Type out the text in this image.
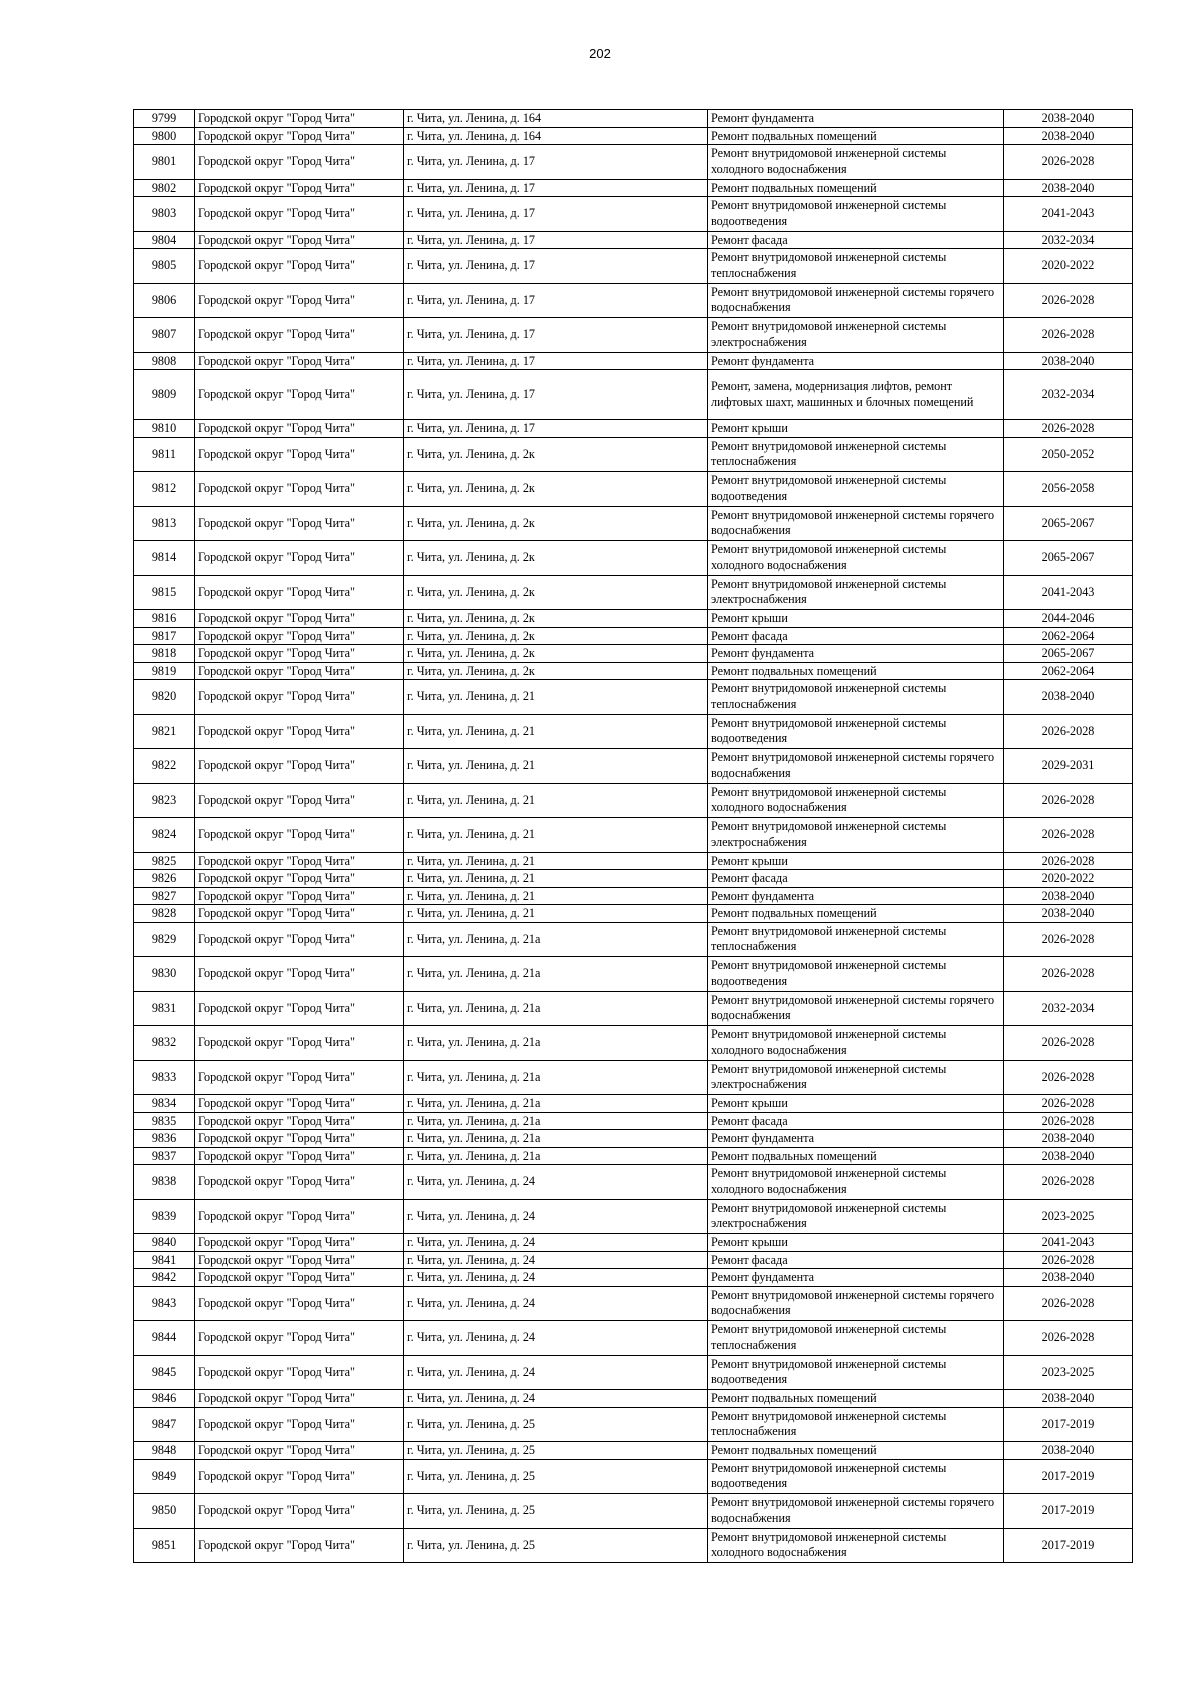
202
9799	Городской округ "Город Чита"	г. Чита, ул. Ленина, д. 164	Ремонт фундамента	2038-2040
9800	Городской округ "Город Чита"	г. Чита, ул. Ленина, д. 164	Ремонт подвальных помещений	2038-2040
9801	Городской округ "Город Чита"	г. Чита, ул. Ленина, д. 17	Ремонт внутридомовой инженерной системы холодного водоснабжения	2026-2028
9802	Городской округ "Город Чита"	г. Чита, ул. Ленина, д. 17	Ремонт подвальных помещений	2038-2040
9803	Городской округ "Город Чита"	г. Чита, ул. Ленина, д. 17	Ремонт внутридомовой инженерной системы водоотведения	2041-2043
9804	Городской округ "Город Чита"	г. Чита, ул. Ленина, д. 17	Ремонт фасада	2032-2034
9805	Городской округ "Город Чита"	г. Чита, ул. Ленина, д. 17	Ремонт внутридомовой инженерной системы теплоснабжения	2020-2022
9806	Городской округ "Город Чита"	г. Чита, ул. Ленина, д. 17	Ремонт внутридомовой инженерной системы горячего водоснабжения	2026-2028
9807	Городской округ "Город Чита"	г. Чита, ул. Ленина, д. 17	Ремонт внутридомовой инженерной системы электроснабжения	2026-2028
9808	Городской округ "Город Чита"	г. Чита, ул. Ленина, д. 17	Ремонт фундамента	2038-2040
9809	Городской округ "Город Чита"	г. Чита, ул. Ленина, д. 17	Ремонт, замена, модернизация лифтов, ремонт лифтовых шахт, машинных и блочных помещений	2032-2034
9810	Городской округ "Город Чита"	г. Чита, ул. Ленина, д. 17	Ремонт крыши	2026-2028
9811	Городской округ "Город Чита"	г. Чита, ул. Ленина, д. 2к	Ремонт внутридомовой инженерной системы теплоснабжения	2050-2052
9812	Городской округ "Город Чита"	г. Чита, ул. Ленина, д. 2к	Ремонт внутридомовой инженерной системы водоотведения	2056-2058
9813	Городской округ "Город Чита"	г. Чита, ул. Ленина, д. 2к	Ремонт внутридомовой инженерной системы горячего водоснабжения	2065-2067
9814	Городской округ "Город Чита"	г. Чита, ул. Ленина, д. 2к	Ремонт внутридомовой инженерной системы холодного водоснабжения	2065-2067
9815	Городской округ "Город Чита"	г. Чита, ул. Ленина, д. 2к	Ремонт внутридомовой инженерной системы электроснабжения	2041-2043
9816	Городской округ "Город Чита"	г. Чита, ул. Ленина, д. 2к	Ремонт крыши	2044-2046
9817	Городской округ "Город Чита"	г. Чита, ул. Ленина, д. 2к	Ремонт фасада	2062-2064
9818	Городской округ "Город Чита"	г. Чита, ул. Ленина, д. 2к	Ремонт фундамента	2065-2067
9819	Городской округ "Город Чита"	г. Чита, ул. Ленина, д. 2к	Ремонт подвальных помещений	2062-2064
9820	Городской округ "Город Чита"	г. Чита, ул. Ленина, д. 21	Ремонт внутридомовой инженерной системы теплоснабжения	2038-2040
9821	Городской округ "Город Чита"	г. Чита, ул. Ленина, д. 21	Ремонт внутридомовой инженерной системы водоотведения	2026-2028
9822	Городской округ "Город Чита"	г. Чита, ул. Ленина, д. 21	Ремонт внутридомовой инженерной системы горячего водоснабжения	2029-2031
9823	Городской округ "Город Чита"	г. Чита, ул. Ленина, д. 21	Ремонт внутридомовой инженерной системы холодного водоснабжения	2026-2028
9824	Городской округ "Город Чита"	г. Чита, ул. Ленина, д. 21	Ремонт внутридомовой инженерной системы электроснабжения	2026-2028
9825	Городской округ "Город Чита"	г. Чита, ул. Ленина, д. 21	Ремонт крыши	2026-2028
9826	Городской округ "Город Чита"	г. Чита, ул. Ленина, д. 21	Ремонт фасада	2020-2022
9827	Городской округ "Город Чита"	г. Чита, ул. Ленина, д. 21	Ремонт фундамента	2038-2040
9828	Городской округ "Город Чита"	г. Чита, ул. Ленина, д. 21	Ремонт подвальных помещений	2038-2040
9829	Городской округ "Город Чита"	г. Чита, ул. Ленина, д. 21а	Ремонт внутридомовой инженерной системы теплоснабжения	2026-2028
9830	Городской округ "Город Чита"	г. Чита, ул. Ленина, д. 21а	Ремонт внутридомовой инженерной системы водоотведения	2026-2028
9831	Городской округ "Город Чита"	г. Чита, ул. Ленина, д. 21а	Ремонт внутридомовой инженерной системы горячего водоснабжения	2032-2034
9832	Городской округ "Город Чита"	г. Чита, ул. Ленина, д. 21а	Ремонт внутридомовой инженерной системы холодного водоснабжения	2026-2028
9833	Городской округ "Город Чита"	г. Чита, ул. Ленина, д. 21а	Ремонт внутридомовой инженерной системы электроснабжения	2026-2028
9834	Городской округ "Город Чита"	г. Чита, ул. Ленина, д. 21а	Ремонт крыши	2026-2028
9835	Городской округ "Город Чита"	г. Чита, ул. Ленина, д. 21а	Ремонт фасада	2026-2028
9836	Городской округ "Город Чита"	г. Чита, ул. Ленина, д. 21а	Ремонт фундамента	2038-2040
9837	Городской округ "Город Чита"	г. Чита, ул. Ленина, д. 21а	Ремонт подвальных помещений	2038-2040
9838	Городской округ "Город Чита"	г. Чита, ул. Ленина, д. 24	Ремонт внутридомовой инженерной системы холодного водоснабжения	2026-2028
9839	Городской округ "Город Чита"	г. Чита, ул. Ленина, д. 24	Ремонт внутридомовой инженерной системы электроснабжения	2023-2025
9840	Городской округ "Город Чита"	г. Чита, ул. Ленина, д. 24	Ремонт крыши	2041-2043
9841	Городской округ "Город Чита"	г. Чита, ул. Ленина, д. 24	Ремонт фасада	2026-2028
9842	Городской округ "Город Чита"	г. Чита, ул. Ленина, д. 24	Ремонт фундамента	2038-2040
9843	Городской округ "Город Чита"	г. Чита, ул. Ленина, д. 24	Ремонт внутридомовой инженерной системы горячего водоснабжения	2026-2028
9844	Городской округ "Город Чита"	г. Чита, ул. Ленина, д. 24	Ремонт внутридомовой инженерной системы теплоснабжения	2026-2028
9845	Городской округ "Город Чита"	г. Чита, ул. Ленина, д. 24	Ремонт внутридомовой инженерной системы водоотведения	2023-2025
9846	Городской округ "Город Чита"	г. Чита, ул. Ленина, д. 24	Ремонт подвальных помещений	2038-2040
9847	Городской округ "Город Чита"	г. Чита, ул. Ленина, д. 25	Ремонт внутридомовой инженерной системы теплоснабжения	2017-2019
9848	Городской округ "Город Чита"	г. Чита, ул. Ленина, д. 25	Ремонт подвальных помещений	2038-2040
9849	Городской округ "Город Чита"	г. Чита, ул. Ленина, д. 25	Ремонт внутридомовой инженерной системы водоотведения	2017-2019
9850	Городской округ "Город Чита"	г. Чита, ул. Ленина, д. 25	Ремонт внутридомовой инженерной системы горячего водоснабжения	2017-2019
9851	Городской округ "Город Чита"	г. Чита, ул. Ленина, д. 25	Ремонт внутридомовой инженерной системы холодного водоснабжения	2017-2019
